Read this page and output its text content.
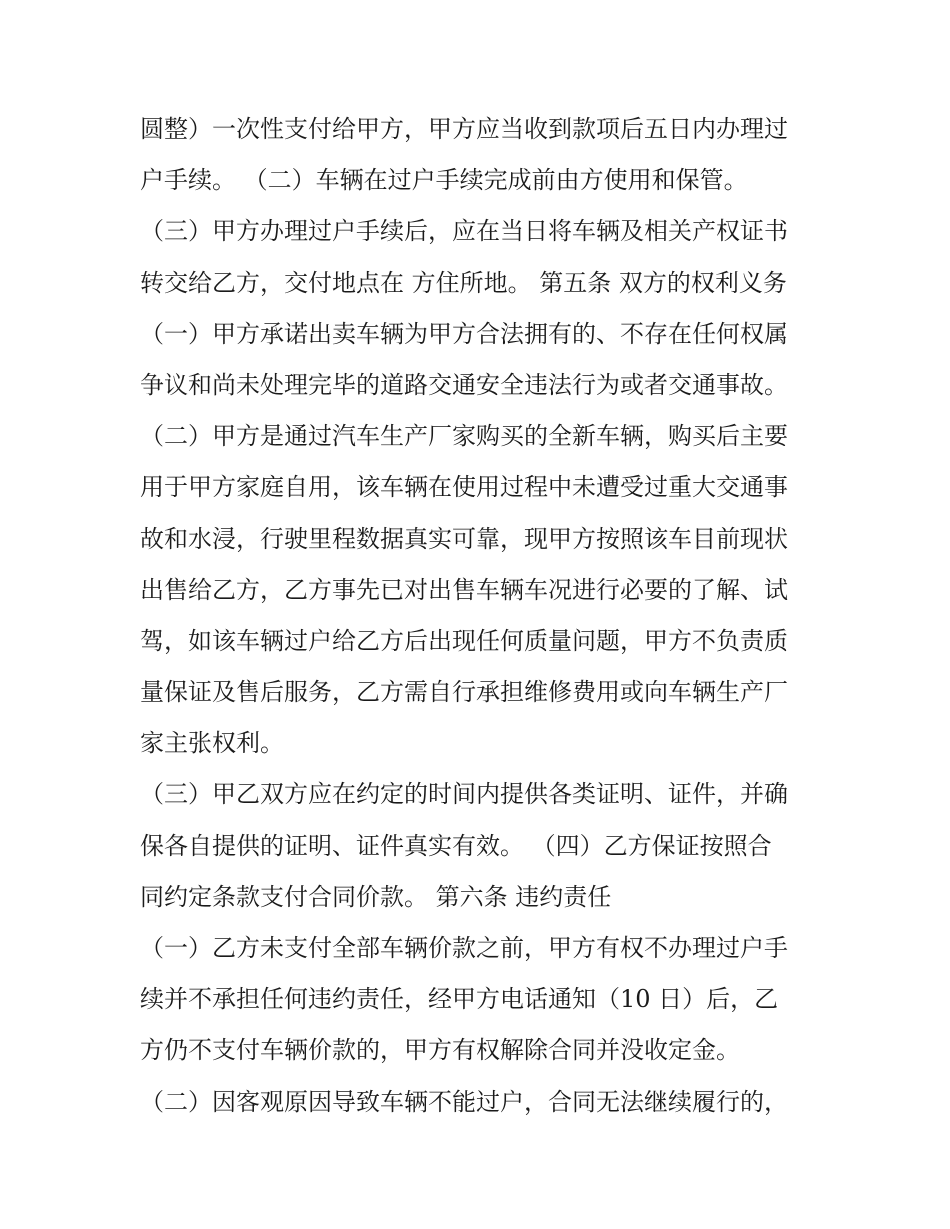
圆整）一次性支付给甲方，甲方应当收到款项后五日内办理过
户手续。 （二）车辆在过户手续完成前由方使用和保管。
（三）甲方办理过户手续后，应在当日将车辆及相关产权证书
转交给乙方，交付地点在 方住所地。 第五条 双方的权利义务
（一）甲方承诺出卖车辆为甲方合法拥有的、不存在任何权属
争议和尚未处理完毕的道路交通安全违法行为或者交通事故。
（二）甲方是通过汽车生产厂家购买的全新车辆，购买后主要
用于甲方家庭自用，该车辆在使用过程中未遭受过重大交通事
故和水浸，行驶里程数据真实可靠，现甲方按照该车目前现状
出售给乙方，乙方事先已对出售车辆车况进行必要的了解、试
驾，如该车辆过户给乙方后出现任何质量问题，甲方不负责质
量保证及售后服务，乙方需自行承担维修费用或向车辆生产厂
家主张权利。
（三）甲乙双方应在约定的时间内提供各类证明、证件，并确
保各自提供的证明、证件真实有效。 （四）乙方保证按照合
同约定条款支付合同价款。 第六条 违约责任
（一）乙方未支付全部车辆价款之前，甲方有权不办理过户手
续并不承担任何违约责任，经甲方电话通知（10 日）后，乙
方仍不支付车辆价款的，甲方有权解除合同并没收定金。
（二）因客观原因导致车辆不能过户，合同无法继续履行的，
